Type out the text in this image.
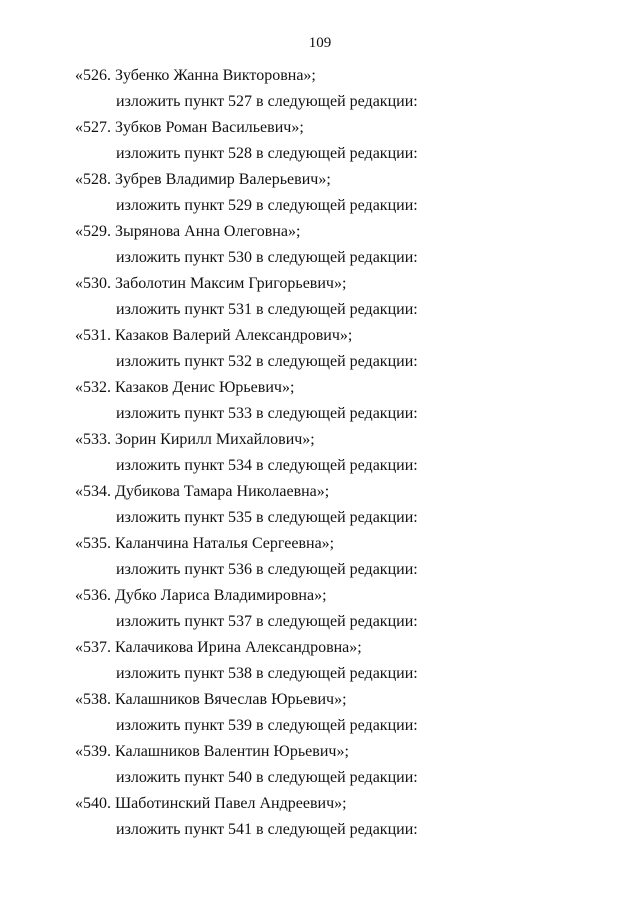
109
«526. Зубенко Жанна Викторовна»;
изложить пункт 527 в следующей редакции:
«527. Зубков Роман Васильевич»;
изложить пункт 528 в следующей редакции:
«528. Зубрев Владимир Валерьевич»;
изложить пункт 529 в следующей редакции:
«529. Зырянова Анна Олеговна»;
изложить пункт 530 в следующей редакции:
«530. Заболотин Максим Григорьевич»;
изложить пункт 531 в следующей редакции:
«531. Казаков Валерий Александрович»;
изложить пункт 532 в следующей редакции:
«532. Казаков Денис Юрьевич»;
изложить пункт 533 в следующей редакции:
«533. Зорин Кирилл Михайлович»;
изложить пункт 534 в следующей редакции:
«534. Дубикова Тамара Николаевна»;
изложить пункт 535 в следующей редакции:
«535. Каланчина Наталья Сергеевна»;
изложить пункт 536 в следующей редакции:
«536. Дубко Лариса Владимировна»;
изложить пункт 537 в следующей редакции:
«537. Калачикова Ирина Александровна»;
изложить пункт 538 в следующей редакции:
«538. Калашников Вячеслав Юрьевич»;
изложить пункт 539 в следующей редакции:
«539. Калашников Валентин Юрьевич»;
изложить пункт 540 в следующей редакции:
«540. Шаботинский Павел Андреевич»;
изложить пункт 541 в следующей редакции:
